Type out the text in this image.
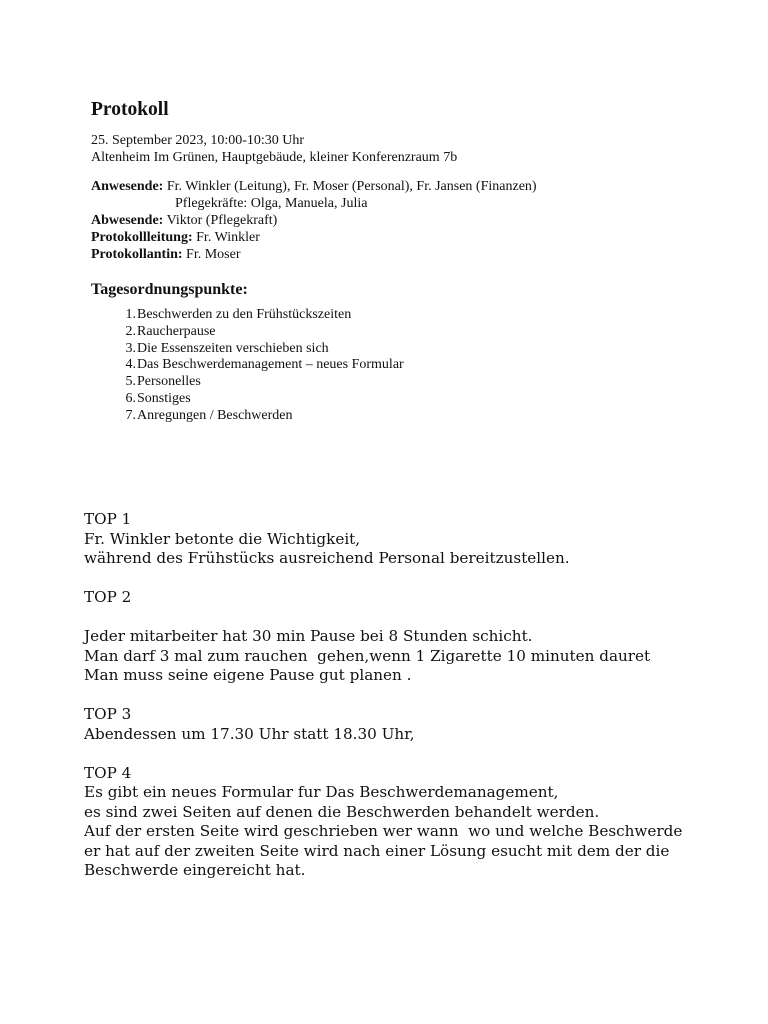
Protokoll
25. September 2023, 10:00-10:30 Uhr
Altenheim Im Grünen, Hauptgebäude, kleiner Konferenzraum 7b
Anwesende: Fr. Winkler (Leitung), Fr. Moser (Personal), Fr. Jansen (Finanzen)
Pflegekräfte: Olga, Manuela, Julia
Abwesende: Viktor (Pflegekraft)
Protokollleitung: Fr. Winkler
Protokollantin: Fr. Moser
Tagesordnungspunkte:
1. Beschwerden zu den Frühstückszeiten
2. Raucherpause
3. Die Essenszeiten verschieben sich
4. Das Beschwerdemanagement – neues Formular
5. Personelles
6. Sonstiges
7. Anregungen / Beschwerden
TOP 1
Fr. Winkler betonte die Wichtigkeit,
während des Frühstücks ausreichend Personal bereitzustellen.
TOP 2
Jeder mitarbeiter hat 30 min Pause bei 8 Stunden schicht.
Man darf 3 mal zum rauchen  gehen,wenn 1 Zigarette 10 minuten dauret
Man muss seine eigene Pause gut planen .
TOP 3
Abendessen um 17.30 Uhr statt 18.30 Uhr,
TOP 4
Es gibt ein neues Formular fur Das Beschwerdemanagement,
es sind zwei Seiten auf denen die Beschwerden behandelt werden.
Auf der ersten Seite wird geschrieben wer wann  wo und welche Beschwerde
er hat auf der zweiten Seite wird nach einer Lösung esucht mit dem der die
Beschwerde eingereicht hat.
